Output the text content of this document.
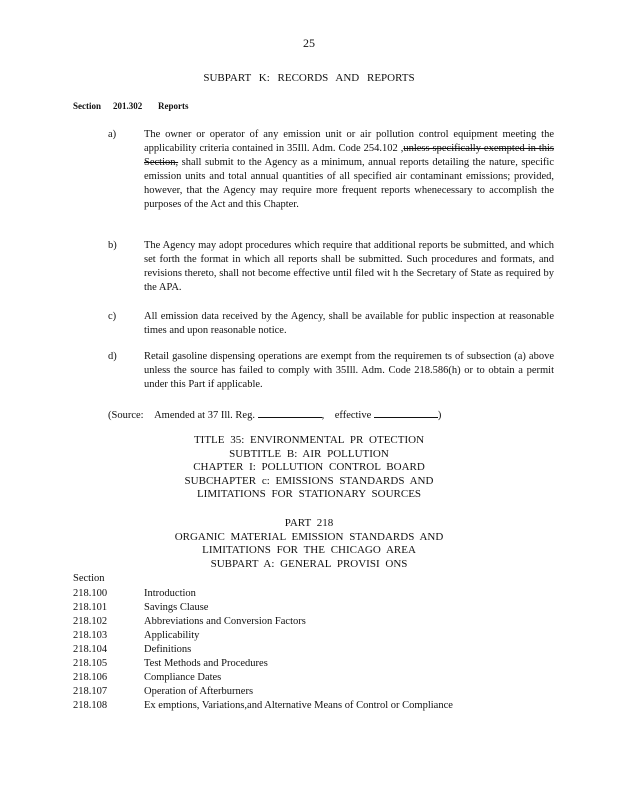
25
SUBPART K: RECORDS AND REPORTS
Section 201.302 Reports
a)	The owner or operator of any emission unit or air pollution control equipment meeting the applicability criteria contained in 35Ill. Adm. Code 254.102 ,unless specifically exempted in this Section, shall submit to the Agency as a minimum, annual reports detailing the nature, specific emission units and total annual quantities of all specified air contaminant emissions; provided, however, that the Agency may require more frequent reports whenecessary to accomplish the purposes of the Act and this Chapter.
b)	The Agency may adopt procedures which require that additional reports be submitted, and which set forth the format in which all reports shall be submitted. Such procedures and formats, and revisions thereto, shall not become effective until filed wit h the Secretary of State as required by the APA.
c)	All emission data received by the Agency, shall be available for public inspection at reasonable times and upon reasonable notice.
d)	Retail gasoline dispensing operations are exempt from the requiremen ts of subsection (a) above unless the source has failed to comply with 35Ill. Adm. Code 218.586(h) or to obtain a permit under this Part if applicable.
(Source: Amended at 37 Ill. Reg.	, effective	)
TITLE 35: ENVIRONMENTAL PR OTECTION
SUBTITLE B: AIR POLLUTION
CHAPTER I: POLLUTION CONTROL BOARD
SUBCHAPTER c: EMISSIONS STANDARDS AND
LIMITATIONS FOR STATIONARY SOURCES
PART 218
ORGANIC MATERIAL EMISSION STANDARDS AND
LIMITATIONS FOR THE CHICAGO AREA
SUBPART A: GENERAL PROVISI ONS
Section
218.100	Introduction
218.101	Savings Clause
218.102	Abbreviations and Conversion Factors
218.103	Applicability
218.104	Definitions
218.105	Test Methods and Procedures
218.106	Compliance Dates
218.107	Operation of Afterburners
218.108	Ex emptions, Variations,and Alternative Means of Control or Compliance
